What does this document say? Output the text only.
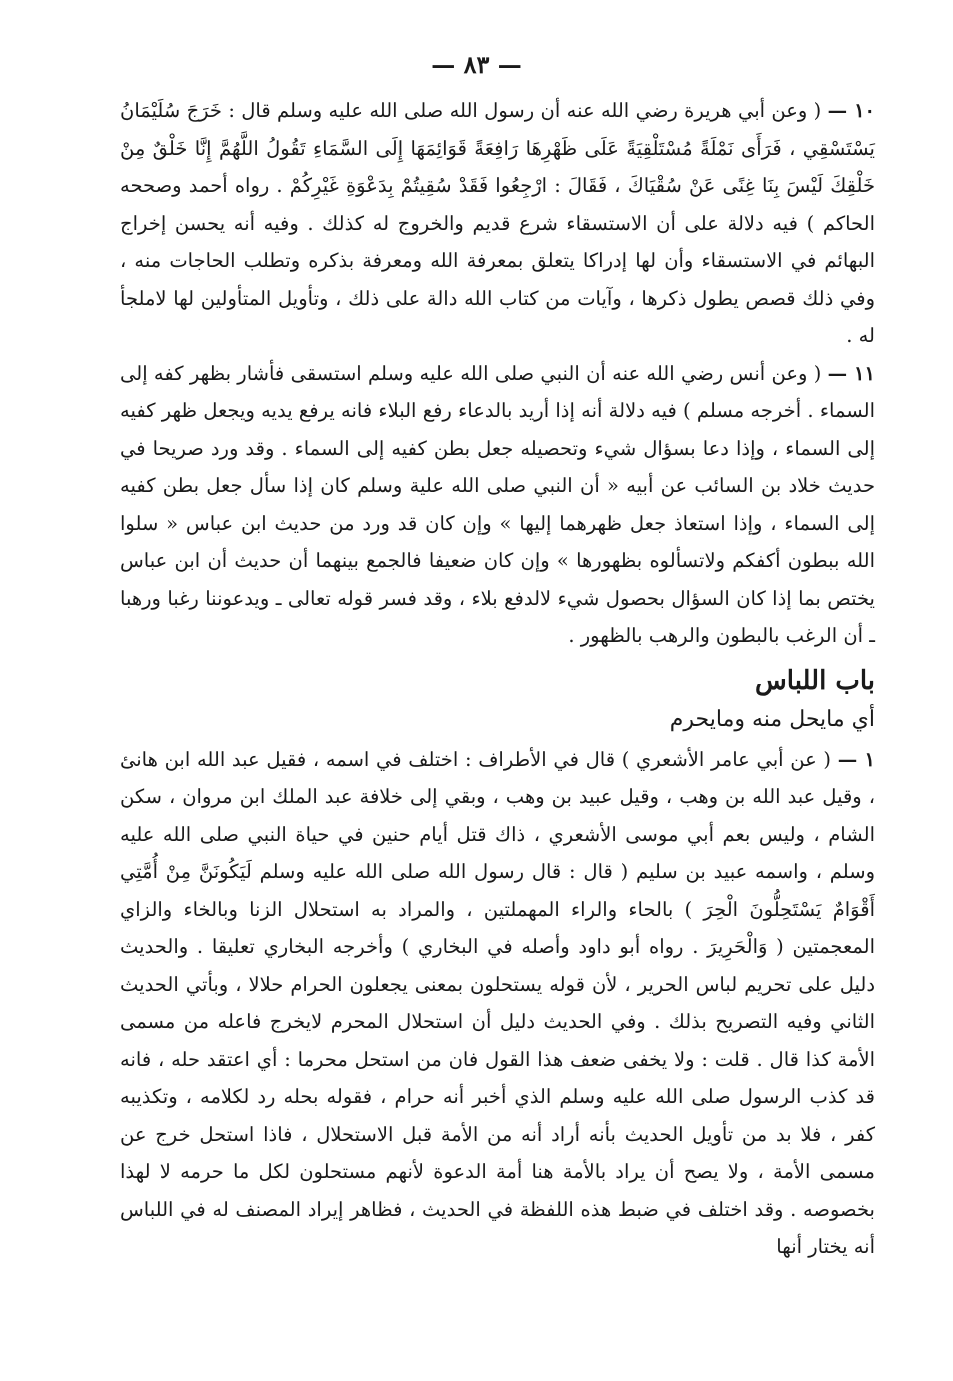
— ٨٣ —

١٠ — ( وعن أبي هريرة رضي الله عنه أن رسول الله صلى الله عليه وسلم قال : خَرَجَ سُلَيْمَانُ يَسْتَسْقِي ، فَرَأَى نَمْلَةً مُسْتَلْقِيَةً عَلَى ظَهْرِهَا رَافِعَةً قَوَائِمَهَا إِلَى السَّمَاءِ تَقُولُ اللَّهُمَّ إِنَّا خَلْقٌ مِنْ خَلْقِكَ لَيْسَ بِنَا غِنًى عَنْ سُقْيَاكَ ، فَقَالَ : ارْجِعُوا فَقَدْ سُقِيتُمْ بِدَعْوَةِ غَيْرِكُمْ . رواه أحمد وصححه الحاكم ) فيه دلالة على أن الاستسقاء شرع قديم والخروج له كذلك . وفيه أنه يحسن إخراج البهائم في الاستسقاء وأن لها إدراكا يتعلق بمعرفة الله ومعرفة بذكره وتطلب الحاجات منه ، وفي ذلك قصص يطول ذكرها ، وآيات من كتاب الله دالة على ذلك ، وتأويل المتأولين لها لاملجأ له .

١١ — ( وعن أنس رضي الله عنه أن النبي صلى الله عليه وسلم استسقى فأشار بظهر كفه إلى السماء . أخرجه مسلم ) فيه دلالة أنه إذا أريد بالدعاء رفع البلاء فانه يرفع يديه ويجعل ظهر كفيه إلى السماء ، وإذا دعا بسؤال شيء وتحصيله جعل بطن كفيه إلى السماء . وقد ورد صريحا في حديث خلاد بن السائب عن أبيه « أن النبي صلى الله علية وسلم كان إذا سأل جعل بطن كفيه إلى السماء ، وإذا استعاذ جعل ظهرهما إليها » وإن كان قد ورد من حديث ابن عباس « سلوا الله ببطون أكفكم ولاتسألوه بظهورها » وإن كان ضعيفا فالجمع بينهما أن حديث أن ابن عباس يختص بما إذا كان السؤال بحصول شيء لالدفع بلاء ، وقد فسر قوله تعالى ـ ويدعوننا رغبا ورهبا ـ أن الرغب بالبطون والرهب بالظهور .

باب اللباس
أي مايحل منه ومايحرم

١ — ( عن أبي عامر الأشعري ) قال في الأطراف : اختلف في اسمه ، فقيل عبد الله ابن هانئ ، وقيل عبد الله بن وهب ، وقيل عبيد بن وهب ، وبقي إلى خلافة عبد الملك ابن مروان ، سكن الشام ، وليس بعم أبي موسى الأشعري ، ذاك قتل أيام حنين في حياة النبي صلى الله عليه وسلم ، واسمه عبيد بن سليم ( قال : قال رسول الله صلى الله عليه وسلم لَيَكُونَنَّ مِنْ أُمَّتِي أَقْوَامٌ يَسْتَحِلُّونَ الْحِرَ ) بالحاء والراء المهملتين ، والمراد به استحلال الزنا وبالخاء والزاي المعجمتين ( وَالْحَرِيرَ . رواه أبو داود وأصله في البخاري ) وأخرجه البخاري تعليقا . والحديث دليل على تحريم لباس الحرير ، لأن قوله يستحلون بمعنى يجعلون الحرام حلالا ، وبأتي الحديث الثاني وفيه التصريح بذلك . وفي الحديث دليل أن استحلال المحرم لايخرج فاعله من مسمى الأمة كذا قال . قلت : ولا يخفى ضعف هذا القول فان من استحل محرما : أي اعتقد حله ، فانه قد كذب الرسول صلى الله عليه وسلم الذي أخبر أنه حرام ، فقوله بحله رد لكلامه ، وتكذيبه كفر ، فلا بد من تأويل الحديث بأنه أراد أنه من الأمة قبل الاستحلال ، فاذا استحل خرج عن مسمى الأمة ، ولا يصح أن يراد بالأمة هنا أمة الدعوة لأنهم مستحلون لكل ما حرمه لا لهذا بخصوصه . وقد اختلف في ضبط هذه اللفظة في الحديث ، فظاهر إيراد المصنف له في اللباس أنه يختار أنها
